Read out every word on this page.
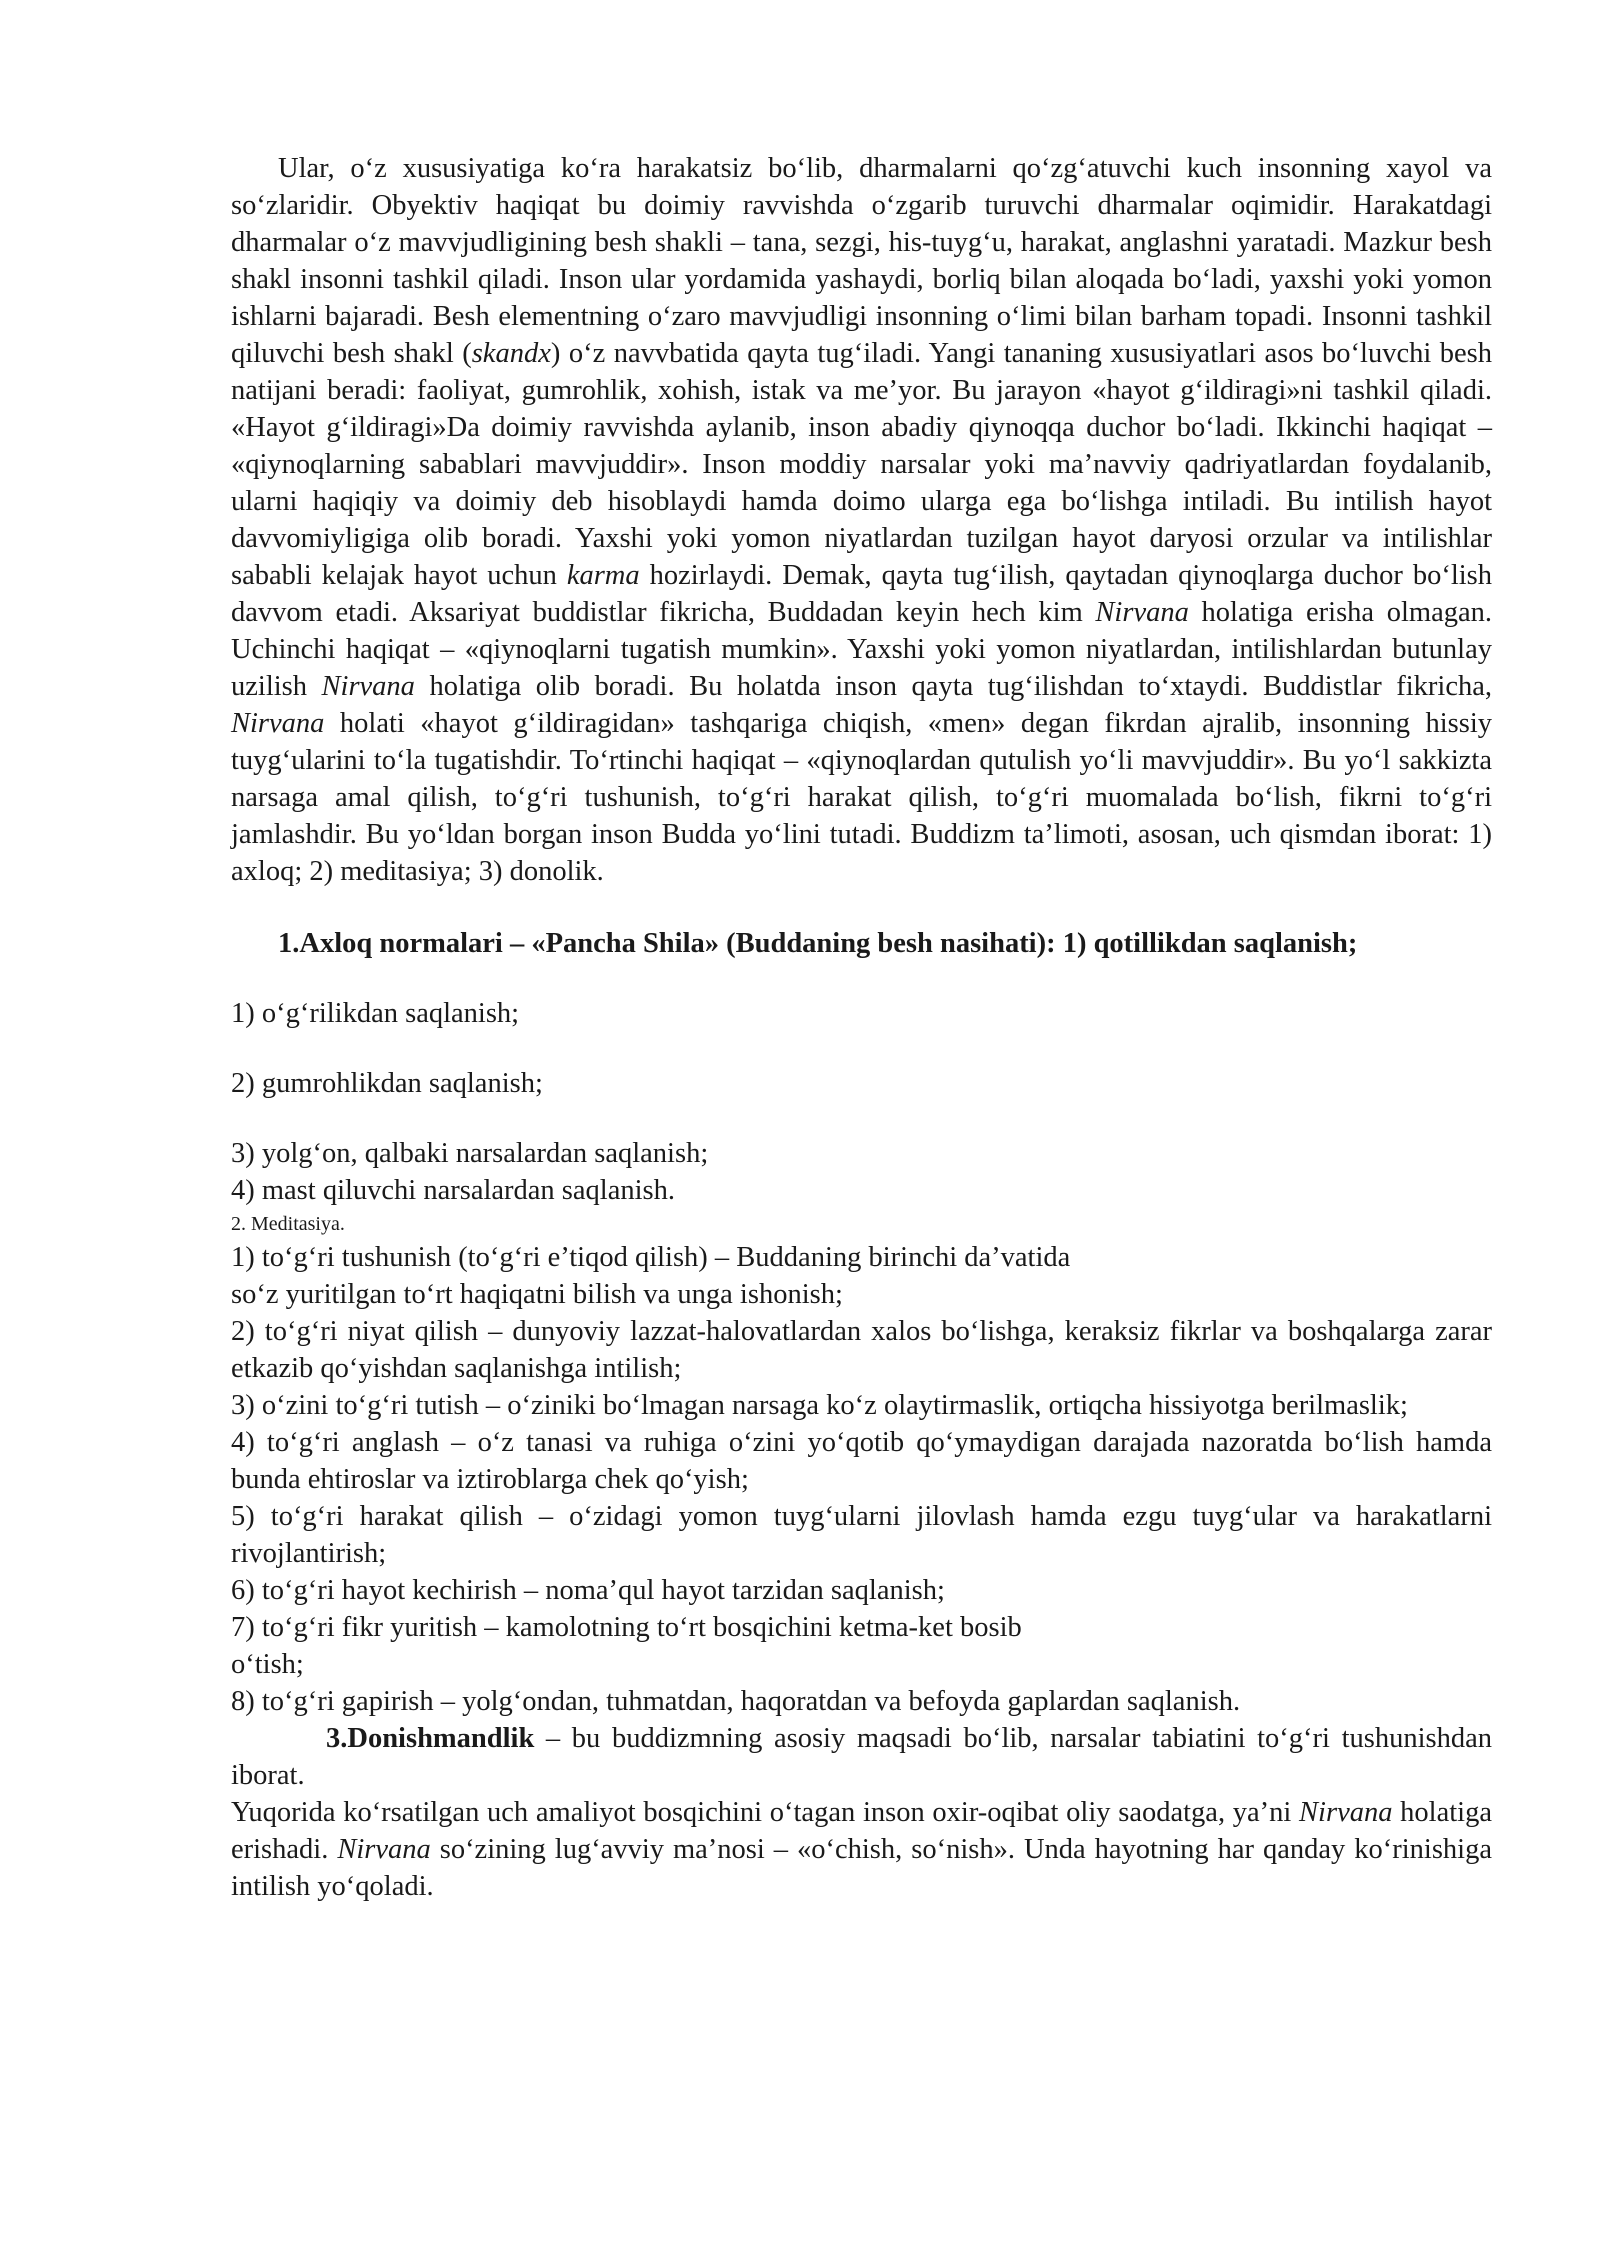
Ular, o‘z xususiyatiga ko‘ra harakatsiz bo‘lib, dharmalarni qo‘zg‘atuvchi kuch insonning xayol va so‘zlaridir. Obyektiv haqiqat bu doimiy ravvishda o‘zgarib turuvchi dharmalar oqimidir. Harakatdagi dharmalar o‘z mavvjudligining besh shakli – tana, sezgi, his-tuyg‘u, harakat, anglashni yaratadi. Mazkur besh shakl insonni tashkil qiladi. Inson ular yordamida yashaydi, borliq bilan aloqada bo‘ladi, yaxshi yoki yomon ishlarni bajaradi. Besh elementning o‘zaro mavvjudligi insonning o‘limi bilan barham topadi. Insonni tashkil qiluvchi besh shakl (skandx) o‘z navvbatida qayta tug‘iladi. Yangi tananing xususiyatlari asos bo‘luvchi besh natijani beradi: faoliyat, gumrohlik, xohish, istak va me’yor. Bu jarayon «hayot g‘ildiragi»ni tashkil qiladi. «Hayot g‘ildiragi»Da doimiy ravvishda aylanib, inson abadiy qiynoqqa duchor bo‘ladi. Ikkinchi haqiqat – «qiynoqlarning sabablari mavvjuddir». Inson moddiy narsalar yoki ma’navviy qadriyatlardan foydalanib, ularni haqiqiy va doimiy deb hisoblaydi hamda doimo ularga ega bo‘lishga intiladi. Bu intilish hayot davvomiyligiga olib boradi. Yaxshi yoki yomon niyatlardan tuzilgan hayot daryosi orzular va intilishlar sababli kelajak hayot uchun karma hozirlaydi. Demak, qayta tug‘ilish, qaytadan qiynoqlarga duchor bo‘lish davvom etadi. Aksariyat buddistlar fikricha, Buddadan keyin hech kim Nirvana holatiga erisha olmagan. Uchinchi haqiqat – «qiynoqlarni tugatish mumkin». Yaxshi yoki yomon niyatlardan, intilishlardan butunlay uzilish Nirvana holatiga olib boradi. Bu holatda inson qayta tug‘ilishdan to‘xtaydi. Buddistlar fikricha, Nirvana holati «hayot g‘ildiragidan» tashqariga chiqish, «men» degan fikrdan ajralib, insonning hissiy tuyg‘ularini to‘la tugatishdir. To‘rtinchi haqiqat – «qiynoqlardan qutulish yo‘li mavvjuddir». Bu yo‘l sakkizta narsaga amal qilish, to‘g‘ri tushunish, to‘g‘ri harakat qilish, to‘g‘ri muomalada bo‘lish, fikrni to‘g‘ri jamlashdir. Bu yo‘ldan borgan inson Budda yo‘lini tutadi. Buddizm ta’limoti, asosan, uch qismdan iborat: 1) axloq; 2) meditasiya; 3) donolik.

1.Axloq normalari – «Pancha Shila» (Buddaning besh nasihati): 1) qotillikdan saqlanish;

1) o‘g‘rilikdan saqlanish;

2) gumrohlikdan saqlanish;

3) yolg‘on, qalbaki narsalardan saqlanish;

4) mast qiluvchi narsalardan saqlanish.

2. Meditasiya.

1) to‘g‘ri tushunish (to‘g‘ri e’tiqod qilish) – Buddaning birinchi da’vatida

so‘z yuritilgan to‘rt haqiqatni bilish va unga ishonish;

2) to‘g‘ri niyat qilish – dunyoviy lazzat-halovatlardan xalos bo‘lishga, keraksiz fikrlar va boshqalarga zarar etkazib qo‘yishdan saqlanishga intilish;

3) o‘zini to‘g‘ri tutish – o‘ziniki bo‘lmagan narsaga ko‘z olaytirmaslik, ortiqcha hissiyotga berilmaslik;

4) to‘g‘ri anglash – o‘z tanasi va ruhiga o‘zini yo‘qotib qo‘ymaydigan darajada nazoratda bo‘lish hamda bunda ehtiroslar va iztiroblarga chek qo‘yish;

5) to‘g‘ri harakat qilish – o‘zidagi yomon tuyg‘ularni jilovlash hamda ezgu tuyg‘ular va harakatlarni rivojlantirish;

6) to‘g‘ri hayot kechirish – noma’qul hayot tarzidan saqlanish;

7) to‘g‘ri fikr yuritish – kamolotning to‘rt bosqichini ketma-ket bosib

o‘tish;

8) to‘g‘ri gapirish – yolg‘ondan, tuhmatdan, haqoratdan va befoyda gaplardan saqlanish.

3.Donishmandlik – bu buddizmning asosiy maqsadi bo‘lib, narsalar tabiatini to‘g‘ri tushunishdan iborat.

Yuqorida ko‘rsatilgan uch amaliyot bosqichini o‘tagan inson oxir-oqibat oliy saodatga, ya’ni Nirvana holatiga erishadi. Nirvana so‘zining lug‘avviy ma’nosi – «o‘chish, so‘nish». Unda hayotning har qanday ko‘rinishiga intilish yo‘qoladi.
